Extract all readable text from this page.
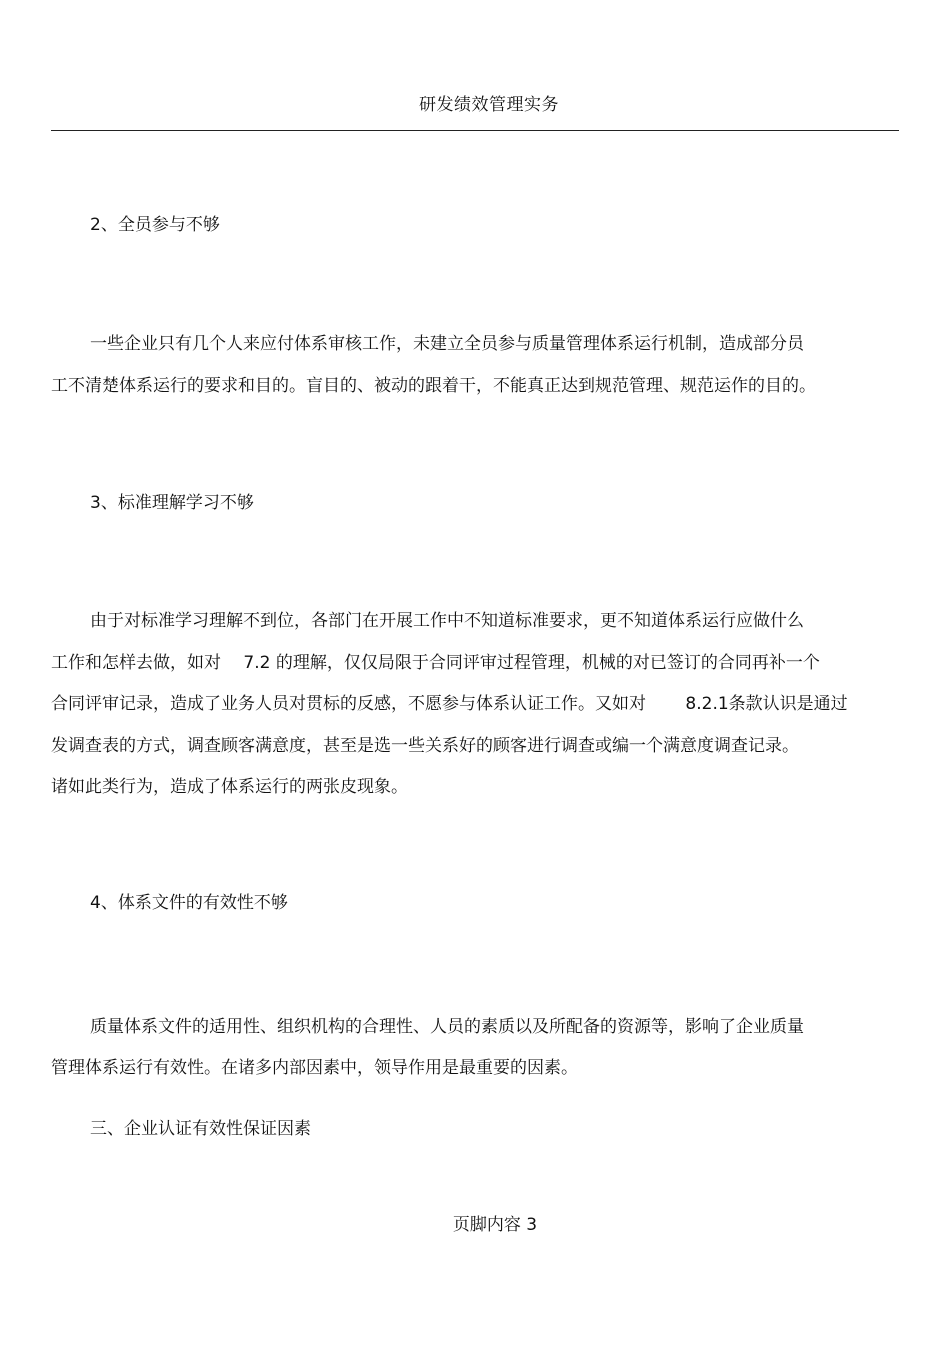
研发绩效管理实务
2、全员参与不够
一些企业只有几个人来应付体系审核工作，未建立全员参与质量管理体系运行机制，造成部分员
工不清楚体系运行的要求和目的。盲目的、被动的跟着干，不能真正达到规范管理、规范运作的目的。
3、标准理解学习不够
由于对标准学习理解不到位，各部门在开展工作中不知道标准要求，更不知道体系运行应做什么
工作和怎样去做，如对　 7.2 的理解，仅仅局限于合同评审过程管理，机械的对已签订的合同再补一个
合同评审记录，造成了业务人员对贯标的反感，不愿参与体系认证工作。又如对　　 8.2.1条款认识是通过
发调查表的方式，调查顾客满意度，甚至是选一些关系好的顾客进行调查或编一个满意度调查记录。
诸如此类行为，造成了体系运行的两张皮现象。
4、体系文件的有效性不够
质量体系文件的适用性、组织机构的合理性、人员的素质以及所配备的资源等，影响了企业质量
管理体系运行有效性。在诸多内部因素中，领导作用是最重要的因素。
三、企业认证有效性保证因素
页脚内容 3
